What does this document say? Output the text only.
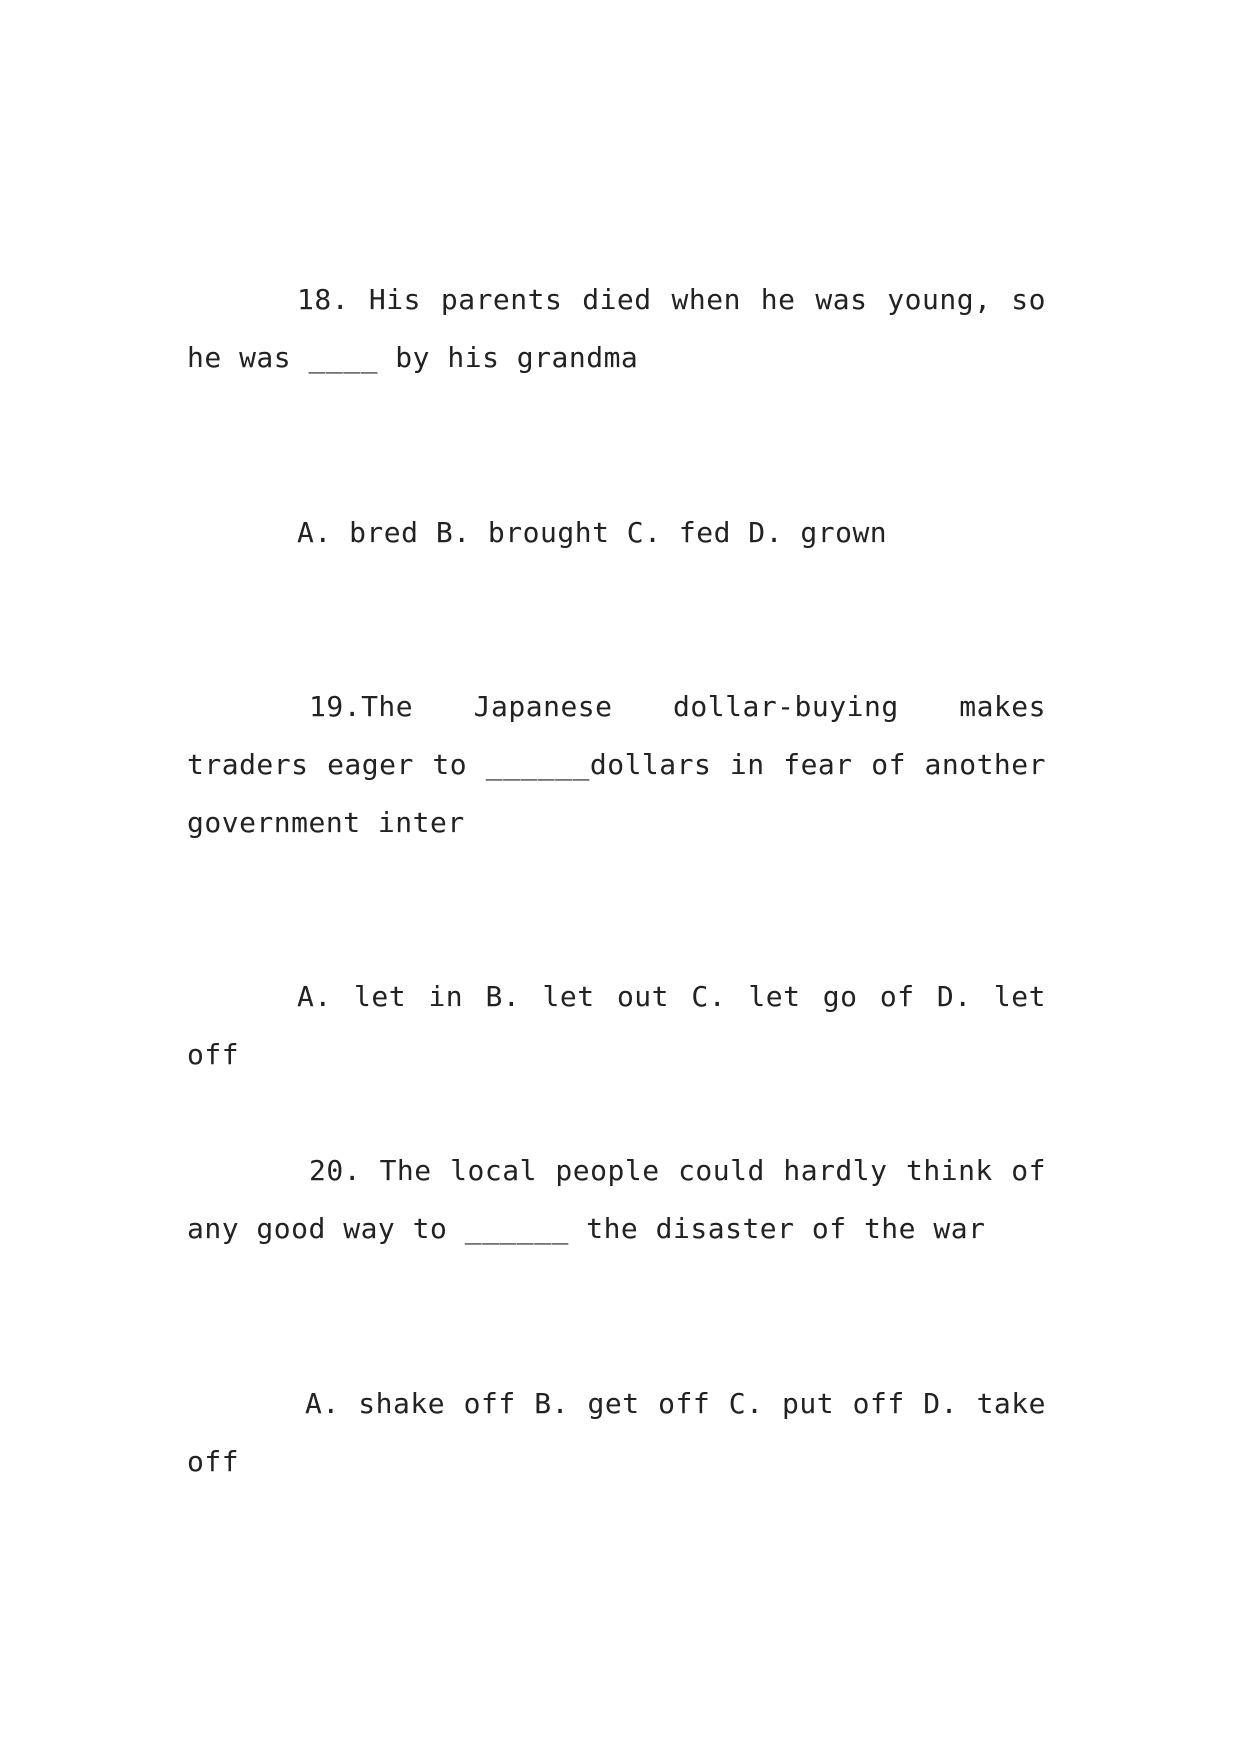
18. His parents died when he was young, so he was ____ by his grandma

A. bred B. brought C. fed D. grown

19.The Japanese dollar-buying makes traders eager to ______dollars in fear of another government inter

A. let in B. let out C. let go of D. let off

20. The local people could hardly think of any good way to ______ the disaster of the war

A. shake off B. get off C. put off D. take off
